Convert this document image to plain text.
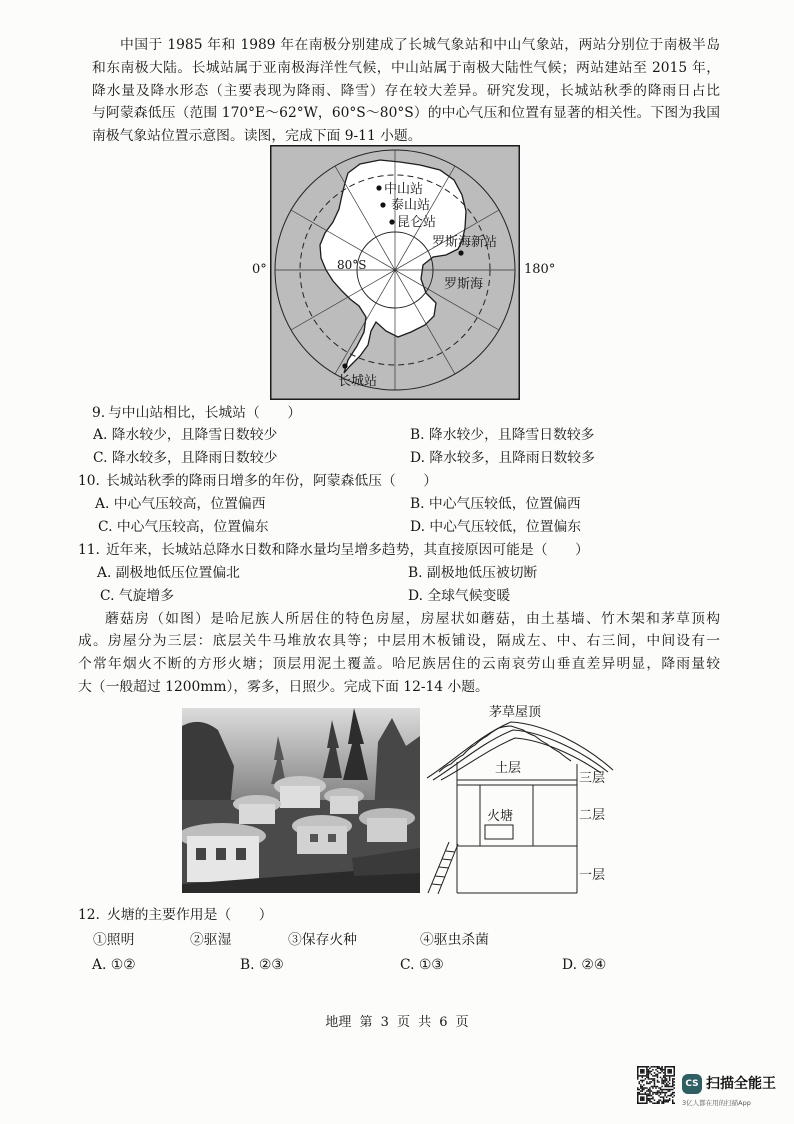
中国于 1985 年和 1989 年在南极分别建成了长城气象站和中山气象站，两站分别位于南极半岛
和东南极大陆。长城站属于亚南极海洋性气候，中山站属于南极大陆性气候；两站建站至 2015 年，
降水量及降水形态（主要表现为降雨、降雪）存在较大差异。研究发现，长城站秋季的降雨日占比
与阿蒙森低压（范围 170°E～62°W，60°S～80°S）的中心气压和位置有显著的相关性。下图为我国
南极气象站位置示意图。读图，完成下面 9-11 小题。
0°	180°
中山站
泰山站
昆仑站
罗斯海新站
80°S
罗斯海
长城站
9. 与中山站相比，长城站（　　）
A. 降水较少，且降雪日数较少	B. 降水较少，且降雪日数较多
C. 降水较多，且降雨日数较少	D. 降水较多，且降雨日数较多
10. 长城站秋季的降雨日增多的年份，阿蒙森低压（　　）
A. 中心气压较高，位置偏西	B. 中心气压较低，位置偏西
C. 中心气压较高，位置偏东	D. 中心气压较低，位置偏东
11. 近年来，长城站总降水日数和降水量均呈增多趋势，其直接原因可能是（　　）
A. 副极地低压位置偏北	B. 副极地低压被切断
C. 气旋增多	D. 全球气候变暖
蘑菇房（如图）是哈尼族人所居住的特色房屋，房屋状如蘑菇，由土基墙、竹木架和茅草顶构
成。房屋分为三层：底层关牛马堆放农具等；中层用木板铺设，隔成左、中、右三间，中间设有一
个常年烟火不断的方形火塘；顶层用泥土覆盖。哈尼族居住的云南哀劳山垂直差异明显，降雨量较
大（一般超过 1200mm），雾多，日照少。完成下面 12-14 小题。
茅草屋顶
土层
火塘
三层
二层
一层
12. 火塘的主要作用是（　　）
①照明	②驱湿	③保存火种	④驱虫杀菌
A. ①②	B. ②③	C. ①③	D. ②④
地理 第 3 页 共 6 页
CS 扫描全能王
3亿人都在用的扫描App
